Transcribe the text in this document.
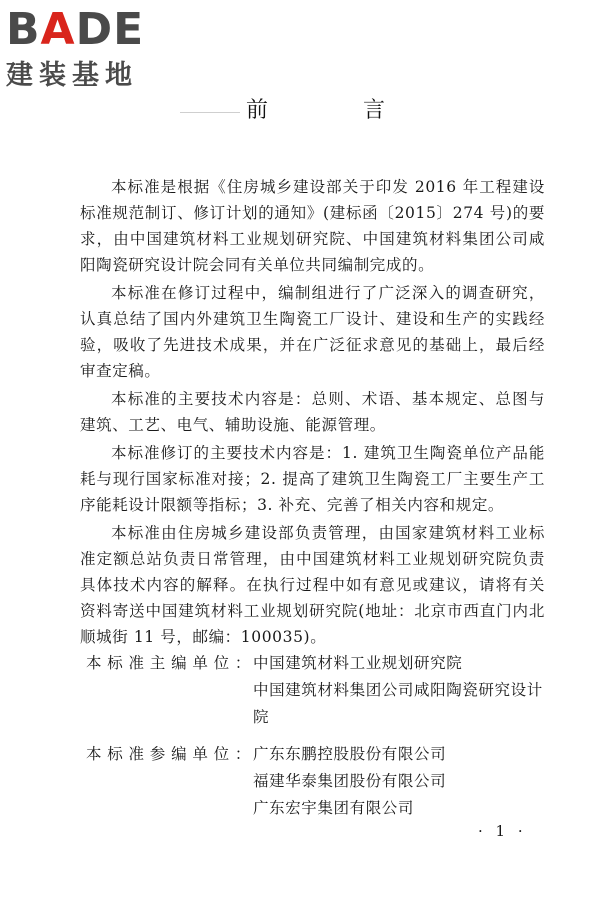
BADE
建装基地
前 言

本标准是根据《住房城乡建设部关于印发 2016 年工程建设标准规范制订、修订计划的通知》(建标函〔2015〕274 号)的要求，由中国建筑材料工业规划研究院、中国建筑材料集团公司咸阳陶瓷研究设计院会同有关单位共同编制完成的。

本标准在修订过程中，编制组进行了广泛深入的调查研究，认真总结了国内外建筑卫生陶瓷工厂设计、建设和生产的实践经验，吸收了先进技术成果，并在广泛征求意见的基础上，最后经审查定稿。

本标准的主要技术内容是：总则、术语、基本规定、总图与建筑、工艺、电气、辅助设施、能源管理。

本标准修订的主要技术内容是：1. 建筑卫生陶瓷单位产品能耗与现行国家标准对接；2. 提高了建筑卫生陶瓷工厂主要生产工序能耗设计限额等指标；3. 补充、完善了相关内容和规定。

本标准由住房城乡建设部负责管理，由国家建筑材料工业标准定额总站负责日常管理，由中国建筑材料工业规划研究院负责具体技术内容的解释。在执行过程中如有意见或建议，请将有关资料寄送中国建筑材料工业规划研究院(地址：北京市西直门内北顺城街 11 号，邮编：100035)。

本标准主编单位： 中国建筑材料工业规划研究院
中国建筑材料集团公司咸阳陶瓷研究设计院
本标准参编单位： 广东东鹏控股股份有限公司
福建华泰集团股份有限公司
广东宏宇集团有限公司
· 1 ·
